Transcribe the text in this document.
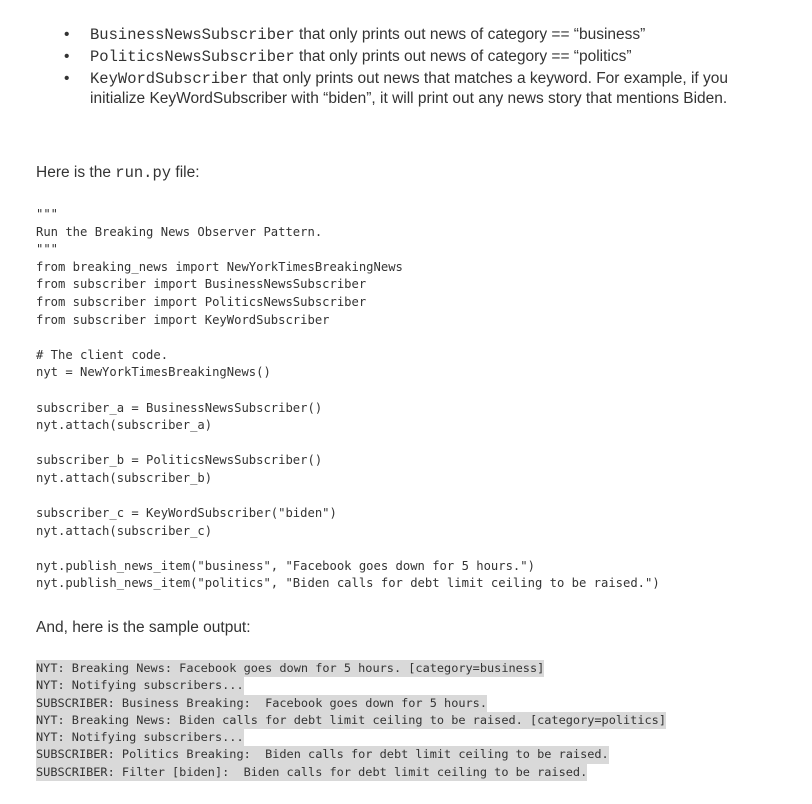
• BusinessNewsSubscriber that only prints out news of category == “business”
• PoliticsNewsSubscriber that only prints out news of category == “politics”
• KeyWordSubscriber that only prints out news that matches a keyword. For example, if you initialize KeyWordSubscriber with “biden”, it will print out any news story that mentions Biden.
Here is the run.py file:
"""
Run the Breaking News Observer Pattern.
"""
from breaking_news import NewYorkTimesBreakingNews
from subscriber import BusinessNewsSubscriber
from subscriber import PoliticsNewsSubscriber
from subscriber import KeyWordSubscriber

# The client code.
nyt = NewYorkTimesBreakingNews()

subscriber_a = BusinessNewsSubscriber()
nyt.attach(subscriber_a)

subscriber_b = PoliticsNewsSubscriber()
nyt.attach(subscriber_b)

subscriber_c = KeyWordSubscriber("biden")
nyt.attach(subscriber_c)

nyt.publish_news_item("business", "Facebook goes down for 5 hours.")
nyt.publish_news_item("politics", "Biden calls for debt limit ceiling to be raised.")
And, here is the sample output:
NYT: Breaking News: Facebook goes down for 5 hours. [category=business]
NYT: Notifying subscribers...
SUBSCRIBER: Business Breaking:  Facebook goes down for 5 hours.
NYT: Breaking News: Biden calls for debt limit ceiling to be raised. [category=politics]
NYT: Notifying subscribers...
SUBSCRIBER: Politics Breaking:  Biden calls for debt limit ceiling to be raised.
SUBSCRIBER: Filter [biden]:  Biden calls for debt limit ceiling to be raised.
